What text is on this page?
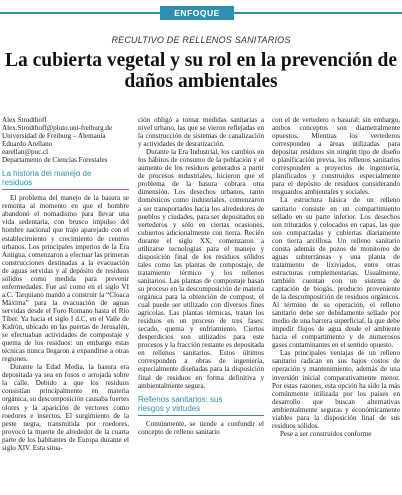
ENFOQUE
RECULTIVO DE RELLENOS SANITARIOS
La cubierta vegetal y su rol en la prevención de daños ambientales
Alex Strodthoff
Alex.Strodthoff@pluto.uni-freiburg.de
Universidad de Freiburg – Alemania
Eduardo Arellano
earellan@puc.cl
Departamento de Ciencias Forestales
La historia del manejo de
residuos

El problema del manejo de la basura se remonta al momento en que el hombre abandonó el nomadismo para llevar una vida sedentaria, con brusco impulso del hombre nacional que trajo aparejado con el establecimiento y crecimiento de centros urbanos. Los principales imperios de la Era Antigua, comenzaron a efectuar las primeras construcciones destinadas a la evacuación de aguas servidas y al depósito de residuos sólidos como medida para prevenir enfermedades. Fue así como en el siglo VI a.C. Tarquiano mandó a construir la “Cloaca Máxima” para la evacuación de aguas servidas desde el Foro Romano hasta el Río Tíber. Ya hacia el siglo I d.C, en el Valle de Kidrón, ubicado en las puertas de Jerusalén, se efectuaban actividades de compostaje y quema de los residuos: un embargo estas técnicas nunca llegaron a expandirse a otras regiones.

Durante la Edad Media, la basura era depositada ya sea en fosos o arrojada sobre la calle. Debido a que los residuos consistían principalmente en materia orgánica, su descomposición causaba fuertes olores y la aparición de vectores como roedores e insectos. El surgimiento de la peste negra, transmitida por roedores, provocó la muerte de alrededor de la cuarta parte de los habitantes de Europa durante el siglo XIV. Esta situa-

ción obligó a tomar medidas sanitarias a nivel urbano, las que se vieron reflejadas en la construcción de sistemas de canalización y actividades de desratización.

Durante la Era Industrial, los cambios en los hábitos de consumo de la población y el aumento de los residuos generados a partir de procesos industriales, hicieron que el problema de la basura cobrara otra dimensión. Los desechos urbanos, tanto domésticos como industriales, comenzaron a ser transportados hacia los alrededores de pueblos y ciudades, para ser depositados en vertederos y sólo en ciertas ocasiones, cubiertos adicionalmente con tierra. Recién durante el siglo XX, comenzaron a utilizarse tecnologías para el manejo y disposición final de los residuos sólidos tales como las plantas de compostaje, de tratamiento térmico y los rellenos sanitarios. Las plantas de compostaje basan su proceso en la descomposición de materia orgánica para la obtención de compost, el cual puede ser utilizado con diversos fines agrícolas. Las plantas térmicas, tratan los residuos en un proceso de tres fases: secado, quema y enfriamiento. Ciertos desperdicios son utilizados para este procesos y la fracción restante es depositada en rellenos sanitarios. Estos últimos corresponden a obras de ingeniería, especialmente diseñadas para la disposición final de residuos en forma definitiva y ambientalmente segura.

Rellenos sanitarios: sus
riesgos y virtudes

Comúnmente, se tiende a confundir el concepto de relleno sanitario

con el de vertedero o basural; sin embargo, ambos conceptos son diametralmente opuestos. Mientras los vertederos corresponden a áreas utilizadas para depositar residuos sin ningún tipo de diseño o planificación previa, los rellenos sanitarios corresponden a proyectos de ingeniería, planificados y construidos especialmente para el depósito de residuos considerando resguardos ambientales y sociales.

La estructura básica de un relleno sanitario consiste en un compartimiento sellado en su parte inferior. Los desechos son triturados y colocados en capas, las que son compactadas y cubiertas diariamente con tierra arcillosa. Un relleno sanitario consta además de pozos de monitoreo de aguas subterráneas y una planta de tratamiento de lixiviados, entre otras estructuras complementarias. Usualmente, también cuentan con un sistema de captación de biogás, producto proveniente de la descomposición de residuos orgánicos. Al término de su operación, el relleno sanitario debe ser debidamente sellado por medio de una barrera superficial, la que debe impedir flujos de agua desde el ambiente hacia el compartimento y de numerosos gases contaminantes en el sentido opuesto.

Las principales ventajas de un relleno sanitario radican en sus bajos costos de operación y mantenimiento, además de una inversión inicial comparativamente menor. Por estas razones, esta opción ha sido la más comúnmente utilizada por los países en desarrollo que buscan alternativas ambientalmente seguras y económicamente viables para la disposición final de sus residuos sólidos.

Pese a ser construidos conforme
